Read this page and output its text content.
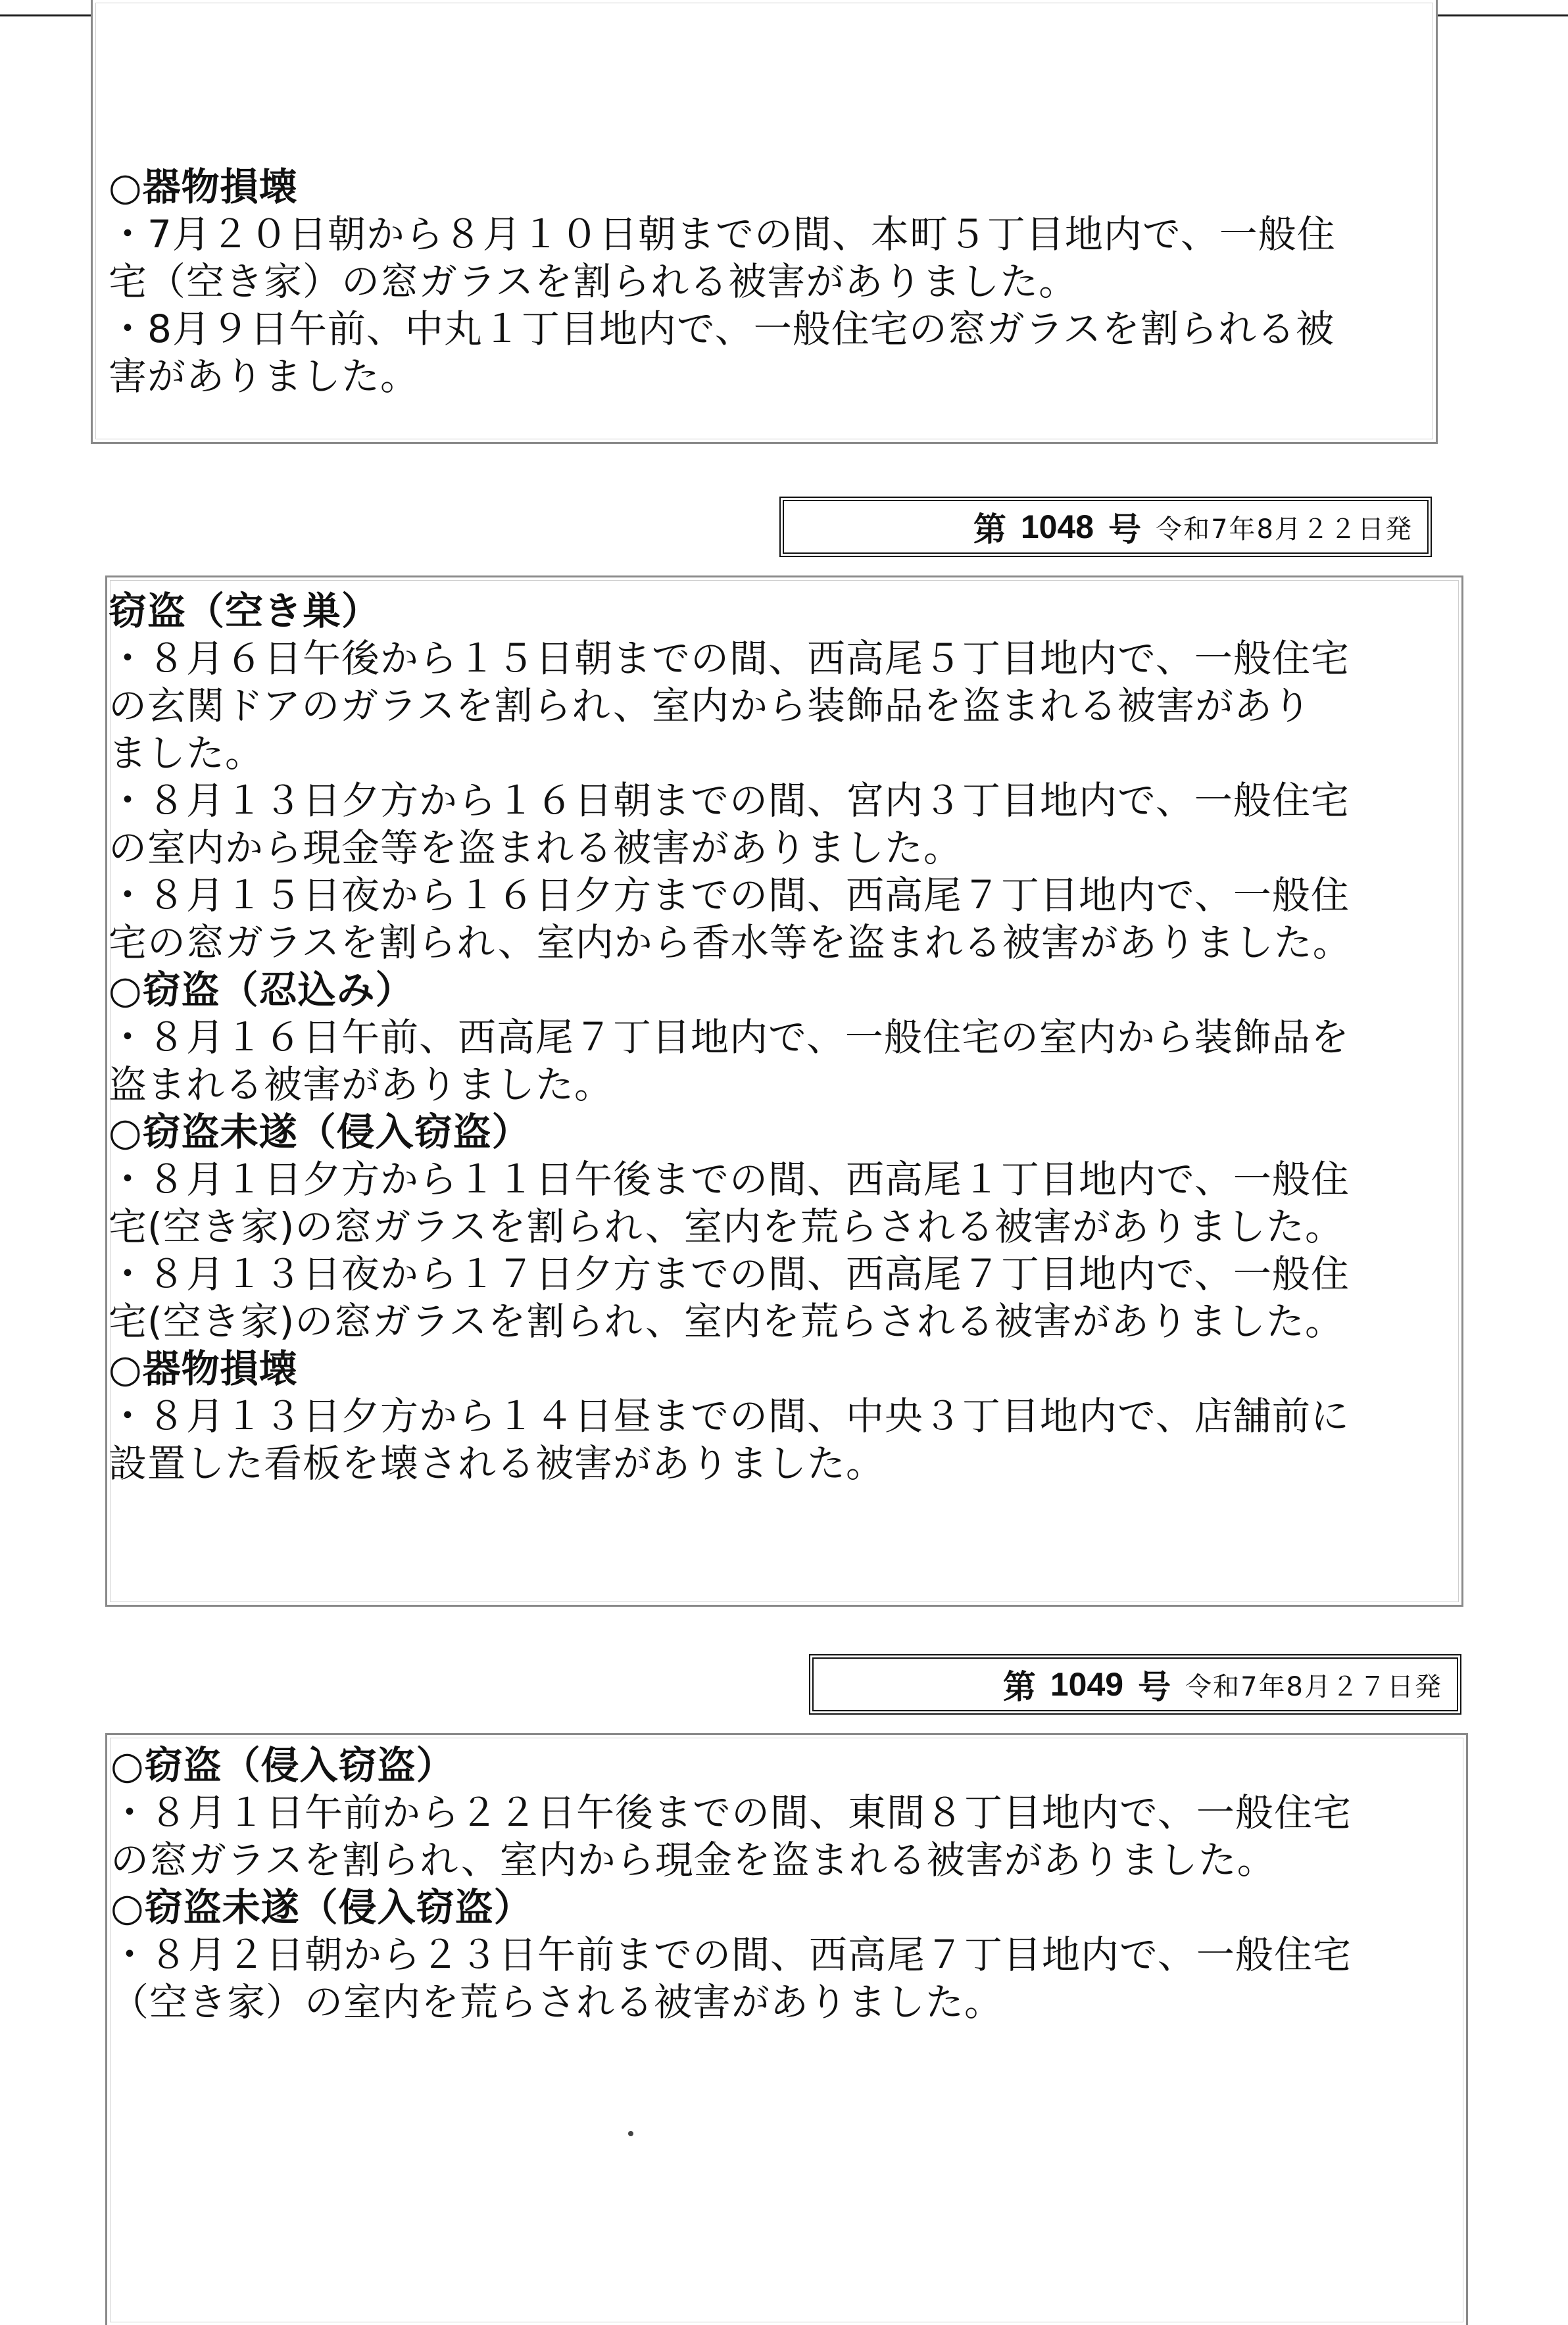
○器物損壊
・7月２０日朝から８月１０日朝までの間、本町５丁目地内で、一般住
宅（空き家）の窓ガラスを割られる被害がありました。
・8月９日午前、中丸１丁目地内で、一般住宅の窓ガラスを割られる被
害がありました。
第 1048 号 令和7年8月２２日発
窃盗（空き巣）
・８月６日午後から１５日朝までの間、西高尾５丁目地内で、一般住宅
の玄関ドアのガラスを割られ、室内から装飾品を盗まれる被害があり
ました。
・８月１３日夕方から１６日朝までの間、宮内３丁目地内で、一般住宅
の室内から現金等を盗まれる被害がありました。
・８月１５日夜から１６日夕方までの間、西高尾７丁目地内で、一般住
宅の窓ガラスを割られ、室内から香水等を盗まれる被害がありました。
○窃盗（忍込み）
・８月１６日午前、西高尾７丁目地内で、一般住宅の室内から装飾品を
盗まれる被害がありました。
○窃盗未遂（侵入窃盗）
・８月１日夕方から１１日午後までの間、西高尾１丁目地内で、一般住
宅(空き家)の窓ガラスを割られ、室内を荒らされる被害がありました。
・８月１３日夜から１７日夕方までの間、西高尾７丁目地内で、一般住
宅(空き家)の窓ガラスを割られ、室内を荒らされる被害がありました。
○器物損壊
・８月１３日夕方から１４日昼までの間、中央３丁目地内で、店舗前に
設置した看板を壊される被害がありました。
第 1049 号 令和7年8月２７日発
○窃盗（侵入窃盗）
・８月１日午前から２２日午後までの間、東間８丁目地内で、一般住宅
の窓ガラスを割られ、室内から現金を盗まれる被害がありました。
○窃盗未遂（侵入窃盗）
・８月２日朝から２３日午前までの間、西高尾７丁目地内で、一般住宅
（空き家）の室内を荒らされる被害がありました。
